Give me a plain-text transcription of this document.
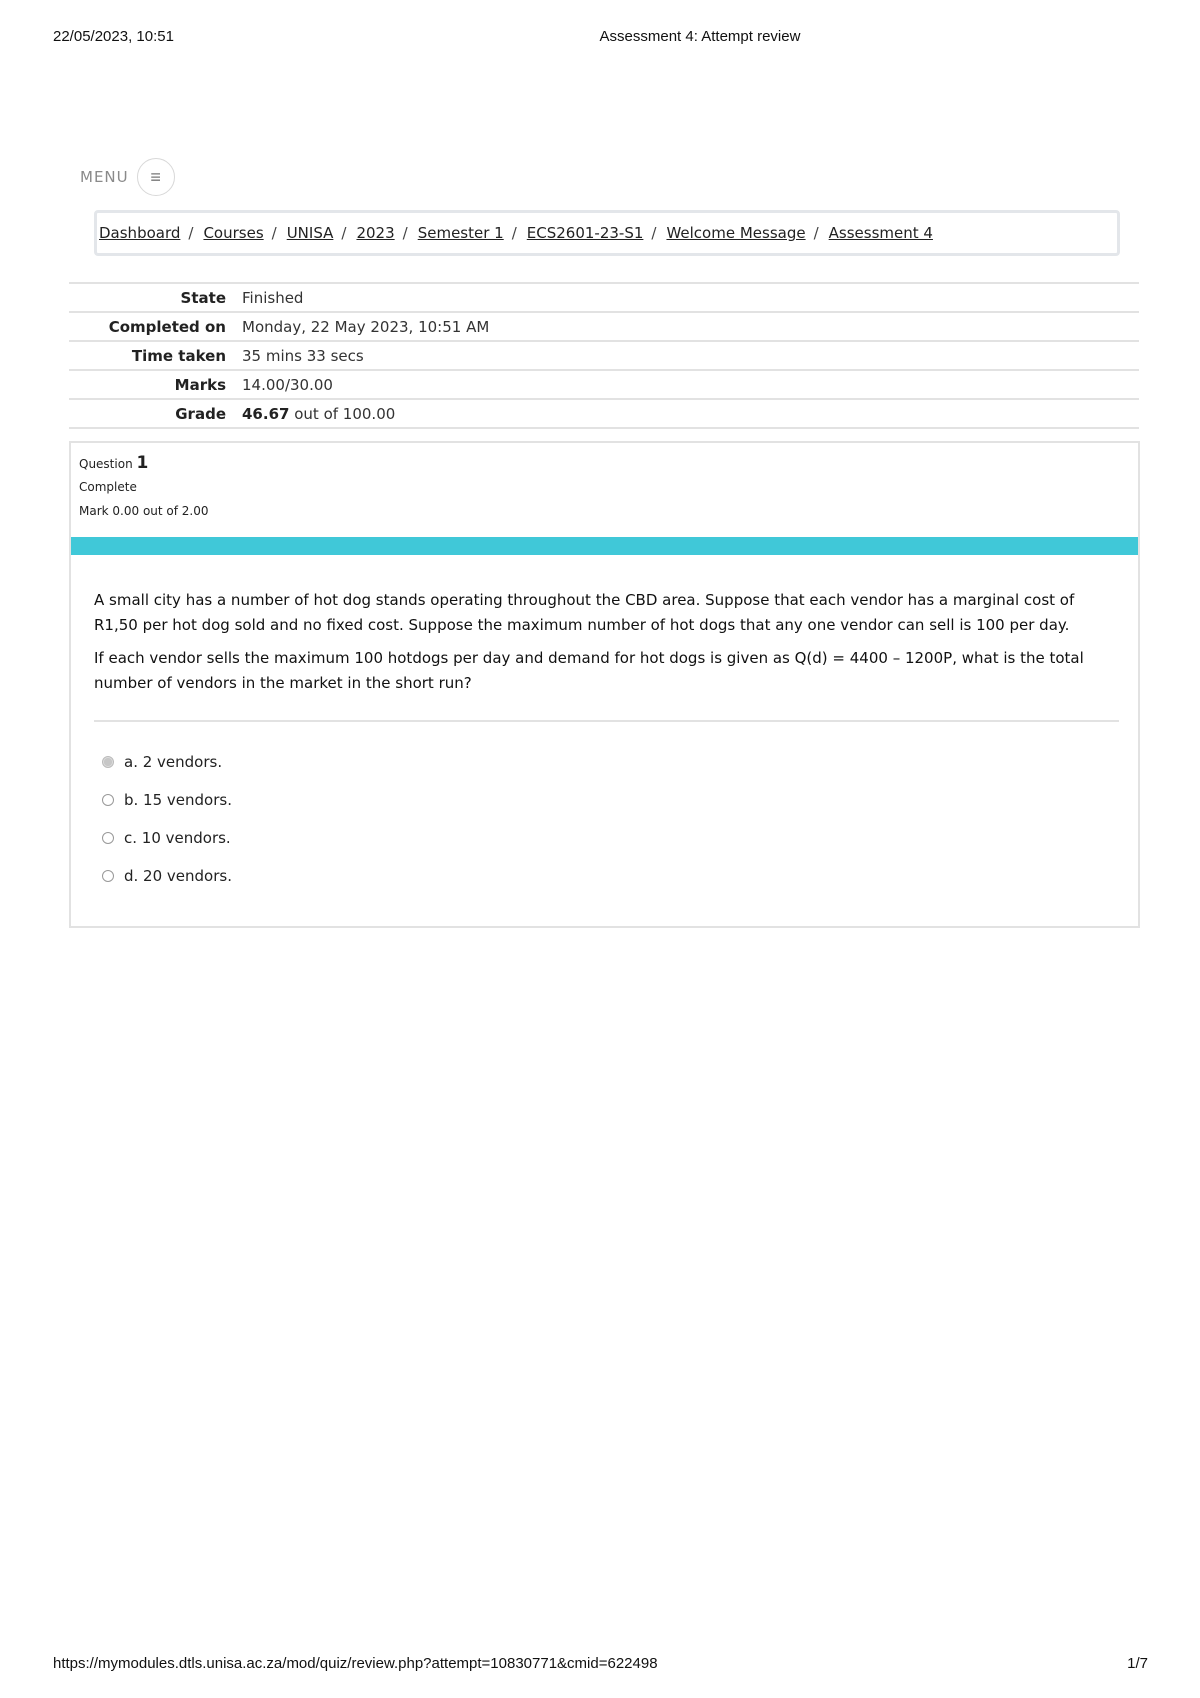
22/05/2023, 10:51	Assessment 4: Attempt review
MENU	≡
Dashboard / Courses / UNISA / 2023 / Semester 1 / ECS2601-23-S1 / Welcome Message / Assessment 4
State	Finished
Completed on	Monday, 22 May 2023, 10:51 AM
Time taken	35 mins 33 secs
Marks	14.00/30.00
Grade	46.67 out of 100.00
Question 1
Complete
Mark 0.00 out of 2.00

A small city has a number of hot dog stands operating throughout the CBD area. Suppose that each vendor has a marginal cost of R1,50 per hot dog sold and no fixed cost. Suppose the maximum number of hot dogs that any one vendor can sell is 100 per day.

If each vendor sells the maximum 100 hotdogs per day and demand for hot dogs is given as Q(d) = 4400 – 1200P, what is the total number of vendors in the market in the short run?

a. 2 vendors.
b. 15 vendors.
c. 10 vendors.
d. 20 vendors.
https://mymodules.dtls.unisa.ac.za/mod/quiz/review.php?attempt=10830771&cmid=622498	1/7
